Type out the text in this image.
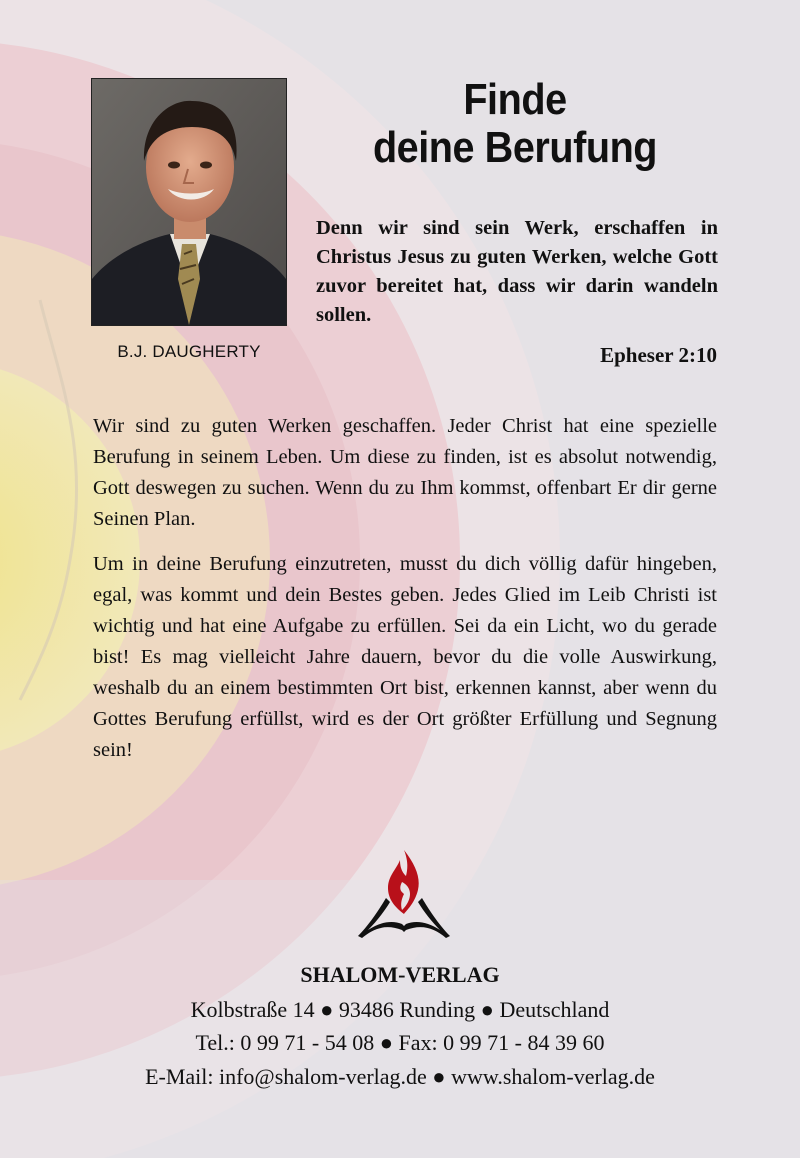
B.J. DAUGHERTY
Finde
deine Berufung
Denn wir sind sein Werk, erschaffen in Christus Jesus zu guten Werken, welche Gott zuvor bereitet hat, dass wir darin wandeln sollen.
Epheser 2:10

Wir sind zu guten Werken geschaffen. Jeder Christ hat eine spezielle Berufung in seinem Leben. Um diese zu finden, ist es absolut notwendig, Gott deswegen zu suchen. Wenn du zu Ihm kommst, offenbart Er dir gerne Seinen Plan.

Um in deine Berufung einzutreten, musst du dich völlig dafür hingeben, egal, was kommt und dein Bestes geben. Jedes Glied im Leib Christi ist wichtig und hat eine Aufgabe zu erfüllen. Sei da ein Licht, wo du gerade bist! Es mag vielleicht Jahre dauern, bevor du die volle Auswirkung, weshalb du an einem bestimmten Ort bist, erkennen kannst, aber wenn du Gottes Berufung erfüllst, wird es der Ort größter Erfüllung und Segnung sein!

SHALOM-VERLAG
Kolbstraße 14 ● 93486 Runding ● Deutschland
Tel.: 0 99 71 - 54 08 ● Fax: 0 99 71 - 84 39 60
E-Mail: info@shalom-verlag.de ● www.shalom-verlag.de
